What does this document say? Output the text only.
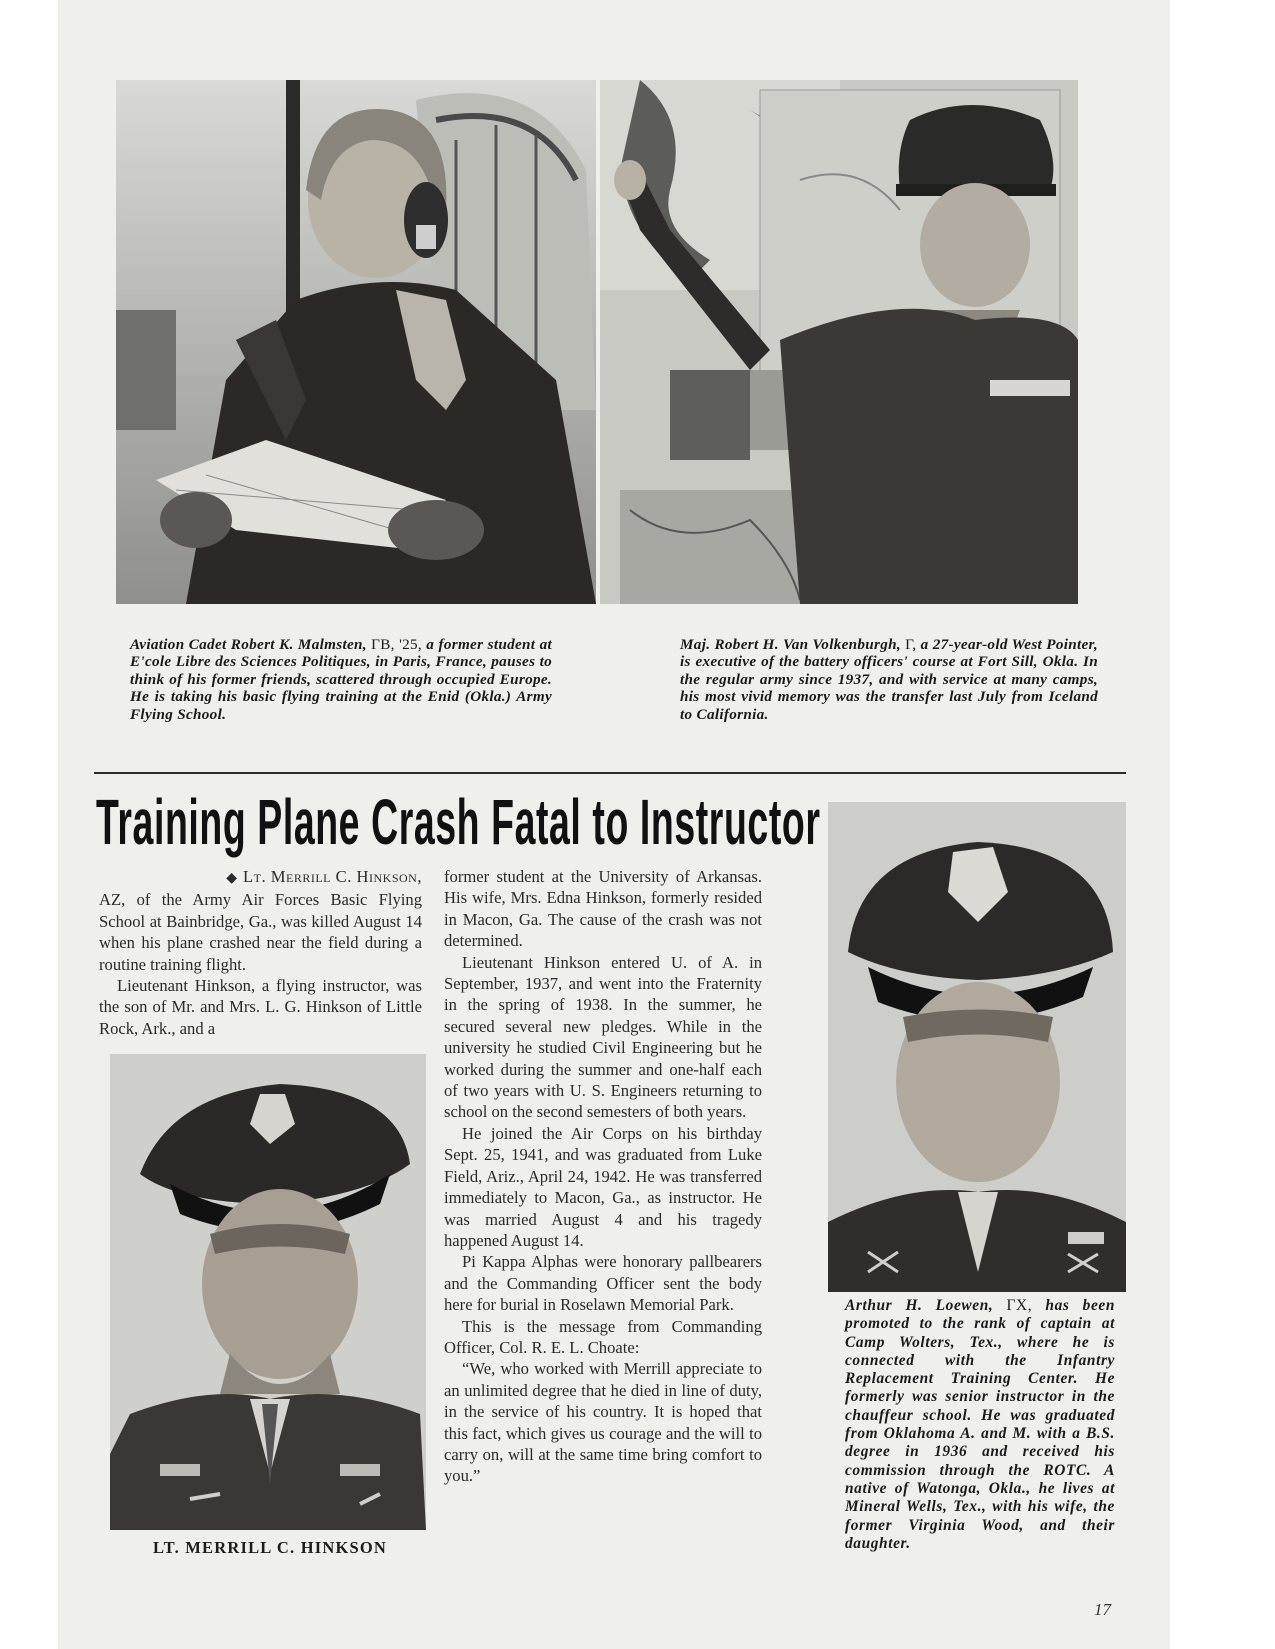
Aviation Cadet Robert K. Malmsten, ΓΒ, '25, a former student at E'cole Libre des Sciences Politiques, in Paris, France, pauses to think of his former friends, scattered through occupied Europe. He is taking his basic flying training at the Enid (Okla.) Army Flying School.
Maj. Robert H. Van Volkenburgh, Γ, a 27-year-old West Pointer, is executive of the battery officers' course at Fort Sill, Okla. In the regular army since 1937, and with service at many camps, his most vivid memory was the transfer last July from Iceland to California.
Training Plane Crash Fatal to Instructor

◆ Lt. Merrill C. Hinkson,
AZ, of the Army Air Forces Basic Flying School at Bainbridge, Ga., was killed August 14 when his plane crashed near the field during a routine training flight.

Lieutenant Hinkson, a flying instructor, was the son of Mr. and Mrs. L. G. Hinkson of Little Rock, Ark., and a

LT. MERRILL C. HINKSON

former student at the University of Arkansas. His wife, Mrs. Edna Hinkson, formerly resided in Macon, Ga. The cause of the crash was not determined.

Lieutenant Hinkson entered U. of A. in September, 1937, and went into the Fraternity in the spring of 1938. In the summer, he secured several new pledges. While in the university he studied Civil Engineering but he worked during the summer and one-half each of two years with U. S. Engineers returning to school on the second semesters of both years.

He joined the Air Corps on his birthday Sept. 25, 1941, and was graduated from Luke Field, Ariz., April 24, 1942. He was transferred immediately to Macon, Ga., as instructor. He was married August 4 and his tragedy happened August 14.

Pi Kappa Alphas were honorary pallbearers and the Commanding Officer sent the body here for burial in Roselawn Memorial Park.

This is the message from Commanding Officer, Col. R. E. L. Choate:

“We, who worked with Merrill appreciate to an unlimited degree that he died in line of duty, in the service of his country. It is hoped that this fact, which gives us courage and the will to carry on, will at the same time bring comfort to you.”

Arthur H. Loewen, ΓΧ, has been promoted to the rank of captain at Camp Wolters, Tex., where he is connected with the Infantry Replacement Training Center. He formerly was senior instructor in the chauffeur school. He was graduated from Oklahoma A. and M. with a B.S. degree in 1936 and received his commission through the ROTC. A native of Watonga, Okla., he lives at Mineral Wells, Tex., with his wife, the former Virginia Wood, and their daughter.
17
